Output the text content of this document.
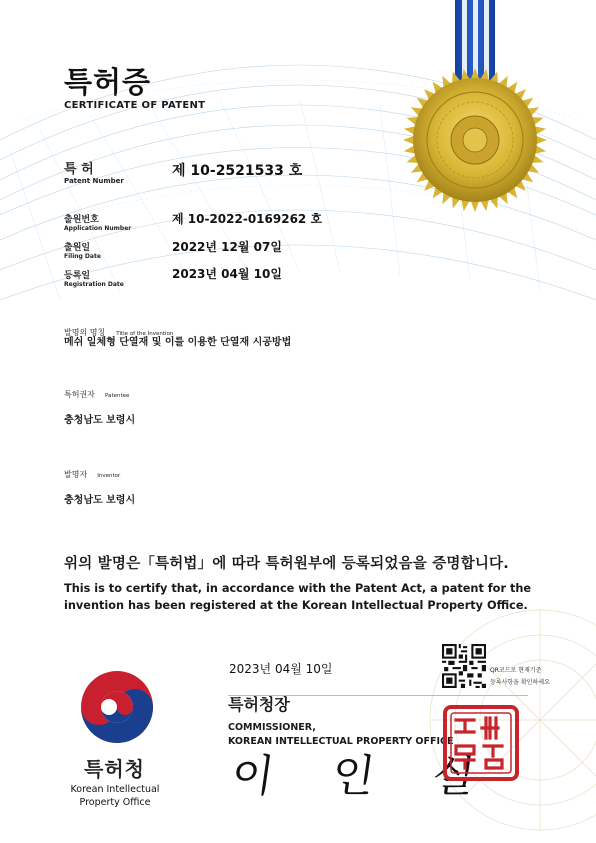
특허증
CERTIFICATE OF PATENT
특 허
Patent Number
제 10-2521533 호
출원번호
Application Number
제 10-2022-0169262 호
출원일
Filing Date
2022년 12월 07일
등록일
Registration Date
2023년 04월 10일
발명의 명칭 Title of the Invention
메쉬 일체형 단열재 및 이를 이용한 단열재 시공방법
특허권자 Patentee
충청남도 보령시
발명자 Inventor
충청남도 보령시
위의 발명은「특허법」에 따라 특허원부에 등록되었음을 증명합니다.
This is to certify that, in accordance with the Patent Act, a patent for the
invention has been registered at the Korean Intellectual Property Office.
2023년 04월 10일	QR코드로 현재기준
등록사항을 확인하세요
특허청장
COMMISSIONER,
KOREAN INTELLECTUAL PROPERTY OFFICE
이 인 실
특허청
Korean Intellectual
Property Office
